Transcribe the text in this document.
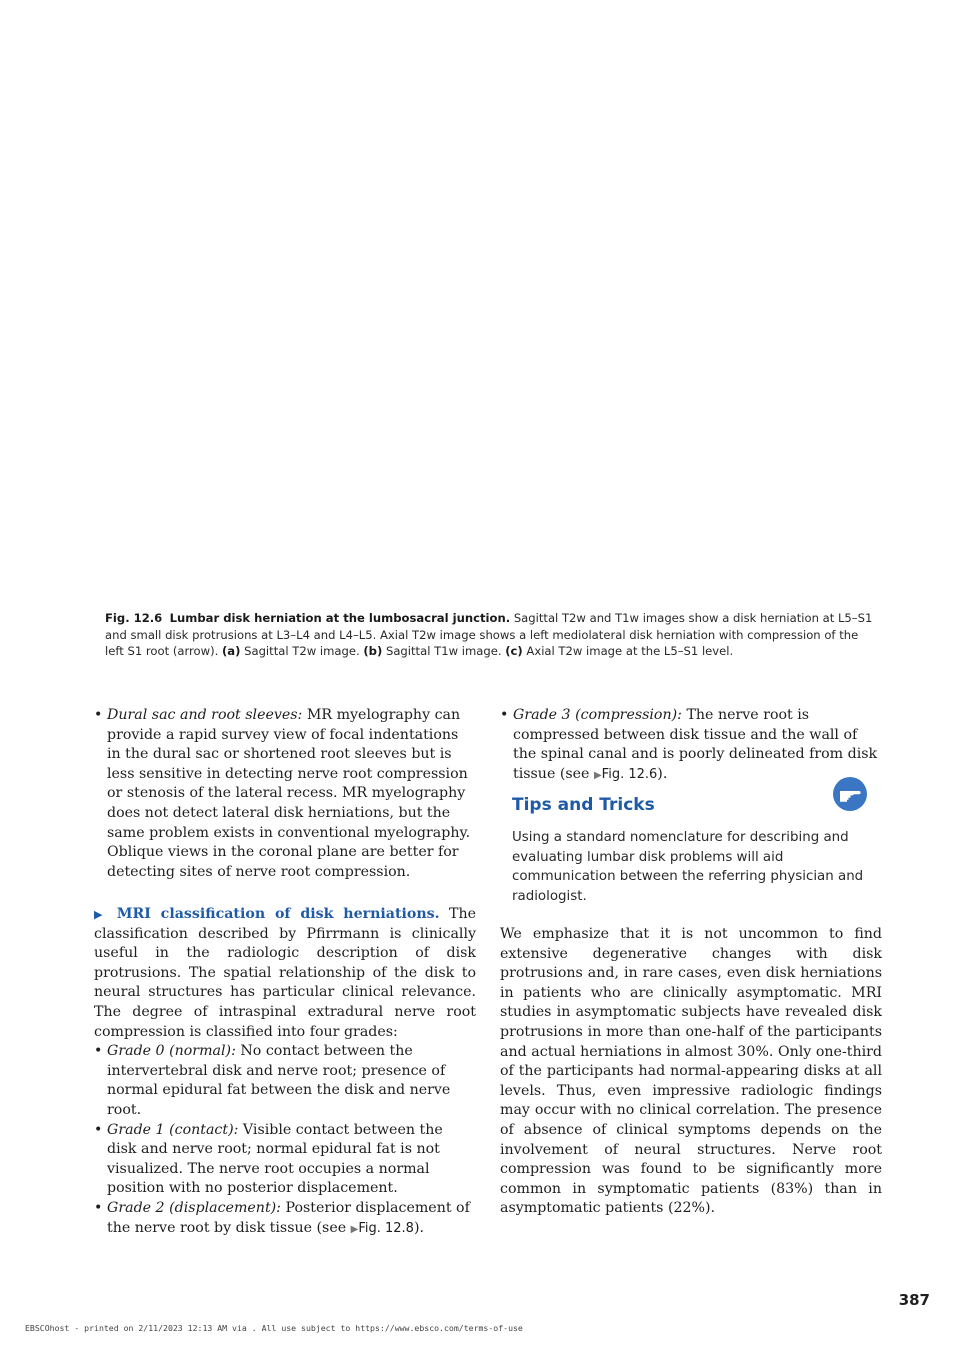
Fig. 12.6 Lumbar disk herniation at the lumbosacral junction. Sagittal T2w and T1w images show a disk herniation at L5–S1 and small disk protrusions at L3–L4 and L4–L5. Axial T2w image shows a left mediolateral disk herniation with compression of the left S1 root (arrow). (a) Sagittal T2w image. (b) Sagittal T1w image. (c) Axial T2w image at the L5–S1 level.
• Dural sac and root sleeves: MR myelography can provide a rapid survey view of focal indentations in the dural sac or shortened root sleeves but is less sensitive in detecting nerve root compression or stenosis of the lateral recess. MR myelography does not detect lateral disk herniations, but the same problem exists in conventional myelography. Oblique views in the coronal plane are better for detecting sites of nerve root compression.
• Grade 3 (compression): The nerve root is compressed between disk tissue and the wall of the spinal canal and is poorly delineated from disk tissue (see ▶Fig. 12.6).
Tips and Tricks
Using a standard nomenclature for describing and evaluating lumbar disk problems will aid communication between the referring physician and radiologist.
▶ MRI classification of disk herniations. The classification described by Pfirrmann is clinically useful in the radiologic description of disk protrusions. The spatial relationship of the disk to neural structures has particular clinical relevance. The degree of intraspinal extradural nerve root compression is classified into four grades:
• Grade 0 (normal): No contact between the intervertebral disk and nerve root; presence of normal epidural fat between the disk and nerve root.
• Grade 1 (contact): Visible contact between the disk and nerve root; normal epidural fat is not visualized. The nerve root occupies a normal position with no posterior displacement.
• Grade 2 (displacement): Posterior displacement of the nerve root by disk tissue (see ▶Fig. 12.8).
We emphasize that it is not uncommon to find extensive degenerative changes with disk protrusions and, in rare cases, even disk herniations in patients who are clinically asymptomatic. MRI studies in asymptomatic subjects have revealed disk protrusions in more than one-half of the participants and actual herniations in almost 30%. Only one-third of the participants had normal-appearing disks at all levels. Thus, even impressive radiologic findings may occur with no clinical correlation. The presence of absence of clinical symptoms depends on the involvement of neural structures. Nerve root compression was found to be significantly more common in symptomatic patients (83%) than in asymptomatic patients (22%).
387
EBSCOhost - printed on 2/11/2023 12:13 AM via . All use subject to https://www.ebsco.com/terms-of-use
